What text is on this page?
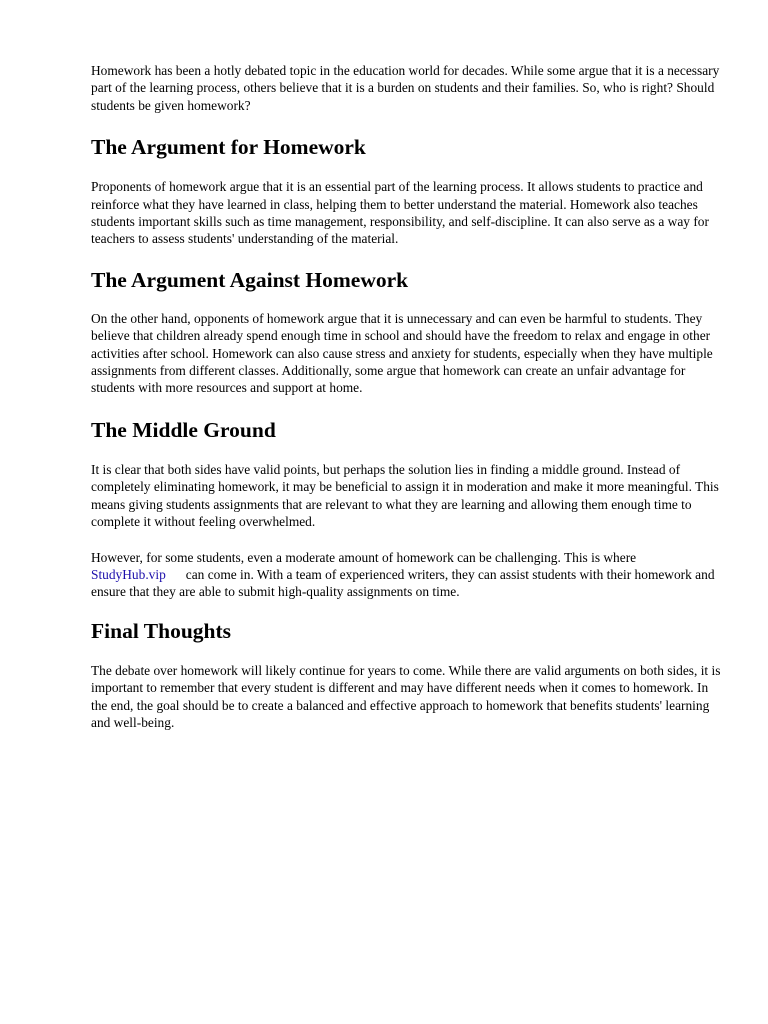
Homework has been a hotly debated topic in the education world for decades. While some argue that it is a necessary part of the learning process, others believe that it is a burden on students and their families. So, who is right? Should students be given homework?

The Argument for Homework

Proponents of homework argue that it is an essential part of the learning process. It allows students to practice and reinforce what they have learned in class, helping them to better understand the material. Homework also teaches students important skills such as time management, responsibility, and self-discipline. It can also serve as a way for teachers to assess students' understanding of the material.

The Argument Against Homework

On the other hand, opponents of homework argue that it is unnecessary and can even be harmful to students. They believe that children already spend enough time in school and should have the freedom to relax and engage in other activities after school. Homework can also cause stress and anxiety for students, especially when they have multiple assignments from different classes. Additionally, some argue that homework can create an unfair advantage for students with more resources and support at home.

The Middle Ground

It is clear that both sides have valid points, but perhaps the solution lies in finding a middle ground. Instead of completely eliminating homework, it may be beneficial to assign it in moderation and make it more meaningful. This means giving students assignments that are relevant to what they are learning and allowing them enough time to complete it without feeling overwhelmed.

However, for some students, even a moderate amount of homework can be challenging. This is whereStudyHub.vip can come in. With a team of experienced writers, they can assist students with their homework and ensure that they are able to submit high-quality assignments on time.

Final Thoughts

The debate over homework will likely continue for years to come. While there are valid arguments on both sides, it is important to remember that every student is different and may have different needs when it comes to homework. In the end, the goal should be to create a balanced and effective approach to homework that benefits students' learning and well-being.
